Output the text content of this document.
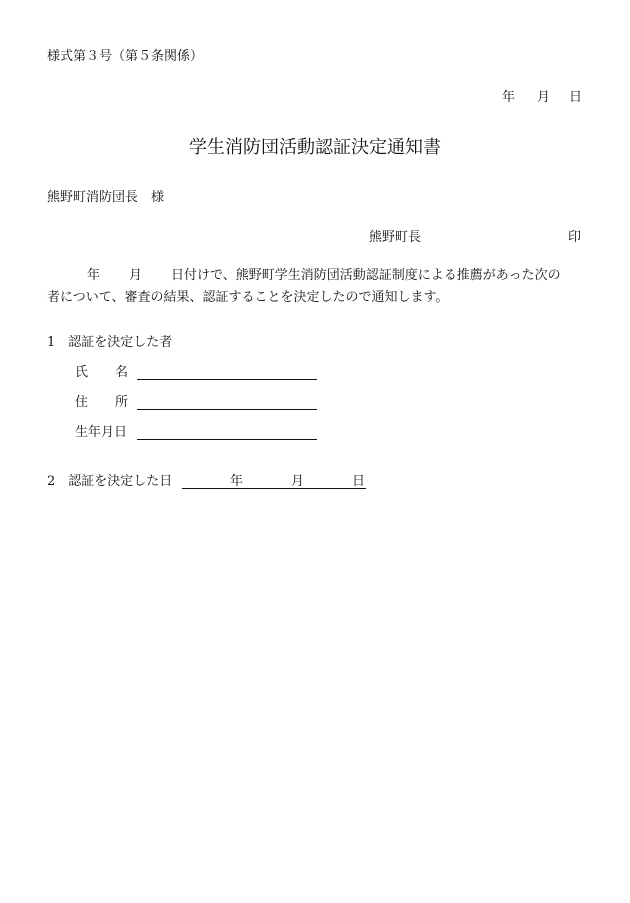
様式第３号（第５条関係）
年 月 日
学生消防団活動認証決定通知書
熊野町消防団長　様
熊野町長	印
年 月 日付けで、熊野町学生消防団活動認証制度による推薦があった次の
者について、審査の結果、認証することを決定したので通知します。
1　認証を決定した者
氏 名
住 所
生年月日
2　認証を決定した日	年	月	日
